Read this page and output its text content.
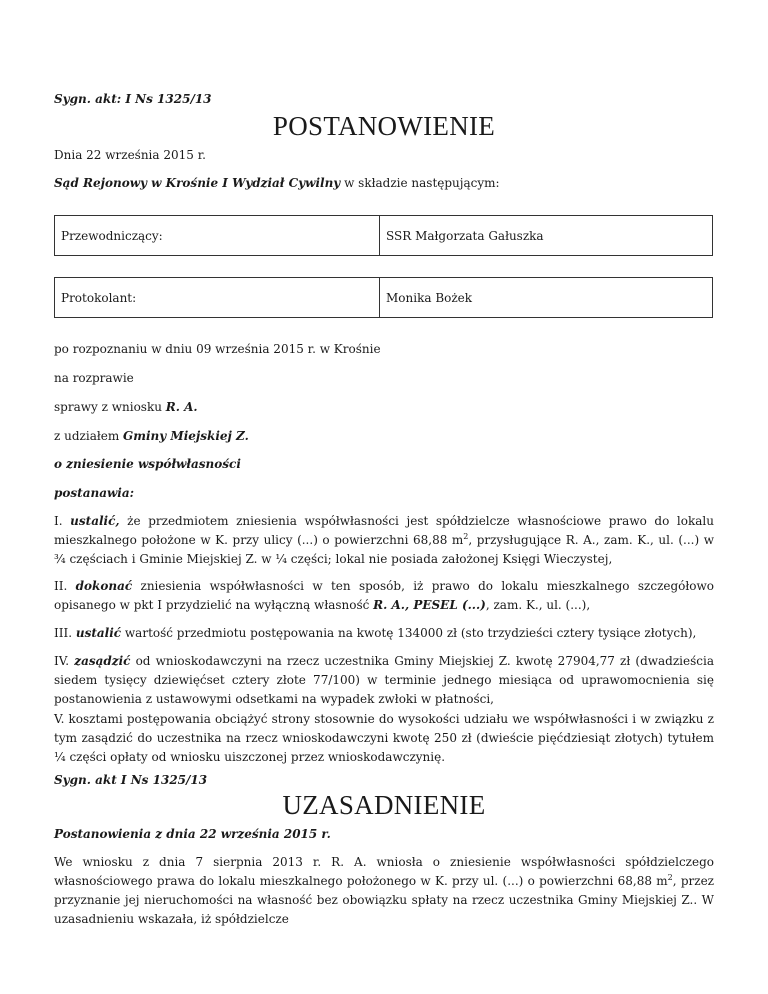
Sygn. akt: I Ns 1325/13

POSTANOWIENIE

Dnia 22 września 2015 r.

Sąd Rejonowy w Krośnie I Wydział Cywilny w składzie następującym:

Przewodniczący:	SSR Małgorzata Gałuszka
Protokolant:	Monika Bożek

po rozpoznaniu w dniu 09 września 2015 r. w Krośnie

na rozprawie

sprawy z wniosku R. A.

z udziałem Gminy Miejskiej Z.

o zniesienie współwłasności

postanawia:

I. ustalić, że przedmiotem zniesienia współwłasności jest spółdzielcze własnościowe prawo do lokalu mieszkalnego położone w K. przy ulicy (...) o powierzchni 68,88 $m^2$, przysługujące R. A., zam. K., ul. (...) w ¾ częściach i Gminie Miejskiej Z. w ¼ części; lokal nie posiada założonej Księgi Wieczystej,

II. dokonać zniesienia współwłasności w ten sposób, iż prawo do lokalu mieszkalnego szczegółowo opisanego w pkt I przydzielić na wyłączną własność R. A., PESEL (...), zam. K., ul. (...),

III. ustalić wartość przedmiotu postępowania na kwotę 134000 zł (sto trzydzieści cztery tysiące złotych),

IV. zasądzić od wnioskodawczyni na rzecz uczestnika Gminy Miejskiej Z. kwotę 27904,77 zł (dwadzieścia siedem tysięcy dziewięćset cztery złote 77/100) w terminie jednego miesiąca od uprawomocnienia się postanowienia z ustawowymi odsetkami na wypadek zwłoki w płatności,

V. kosztami postępowania obciążyć strony stosownie do wysokości udziału we współwłasności i w związku z tym zasądzić do uczestnika na rzecz wnioskodawczyni kwotę 250 zł (dwieście pięćdziesiąt złotych) tytułem ¼ części opłaty od wniosku uiszczonej przez wnioskodawczynię.

Sygn. akt I Ns 1325/13

UZASADNIENIE

Postanowienia z dnia 22 września 2015 r.

We wniosku z dnia 7 sierpnia 2013 r. R. A. wniosła o zniesienie współwłasności spółdzielczego własnościowego prawa do lokalu mieszkalnego położonego w K. przy ul. (...) o powierzchni 68,88 $m^2$, przez przyznanie jej nieruchomości na własność bez obowiązku spłaty na rzecz uczestnika Gminy Miejskiej Z.. W uzasadnieniu wskazała, iż spółdzielcze
